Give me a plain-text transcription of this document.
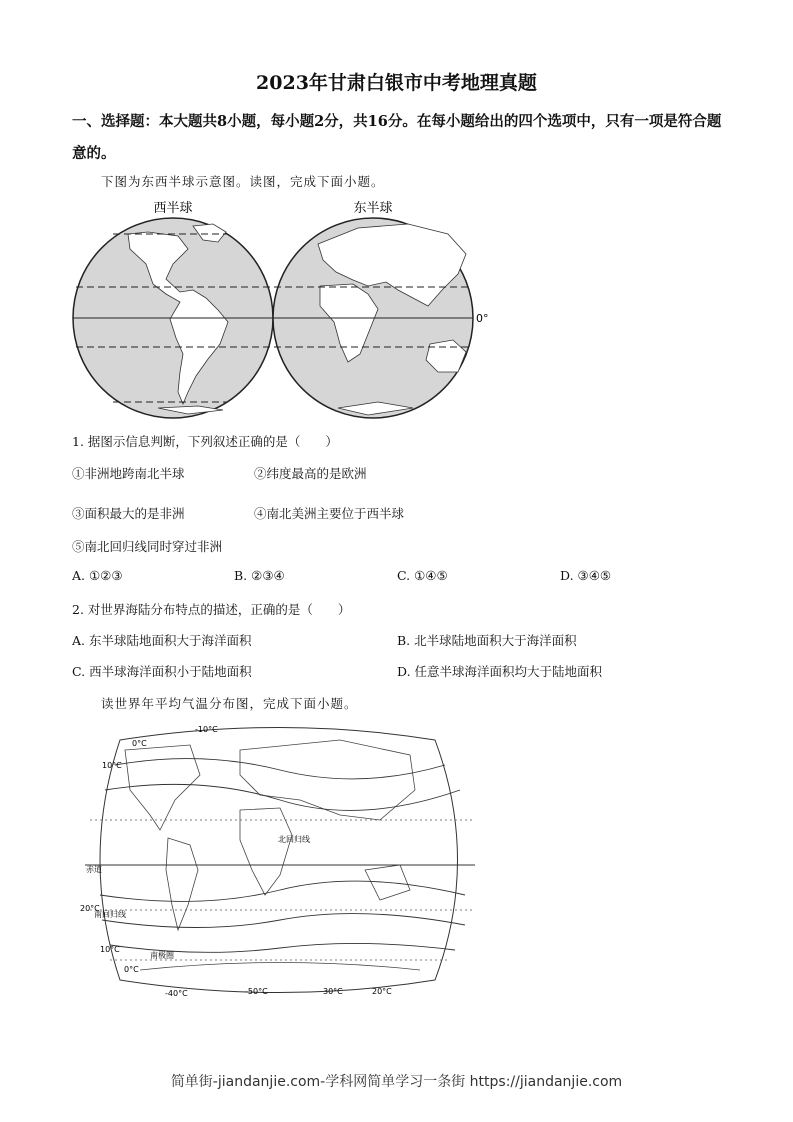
2023年甘肃白银市中考地理真题
一、选择题：本大题共8小题，每小题2分，共16分。在每小题给出的四个选项中，只有一项是符合题意的。
下图为东西半球示意图。读图，完成下面小题。
西半球	东半球
0°
1. 据图示信息判断，下列叙述正确的是（　　）
①非洲地跨南北半球	②纬度最高的是欧洲
③面积最大的是非洲	④南北美洲主要位于西半球
⑤南北回归线同时穿过非洲
A. ①②③	B. ②③④	C. ①④⑤	D. ③④⑤
2. 对世界海陆分布特点的描述，正确的是（　　）
A. 东半球陆地面积大于海洋面积	B. 北半球陆地面积大于海洋面积
C. 西半球海洋面积小于陆地面积	D. 任意半球海洋面积均大于陆地面积
读世界年平均气温分布图，完成下面小题。
-10°C
0°C
10°C
北回归线
赤道
20°C
南回归线
10°C
0°C
南极圈
-40°C	-50°C	30°C	20°C
简单街-jiandanjie.com-学科网简单学习一条街 https://jiandanjie.com
